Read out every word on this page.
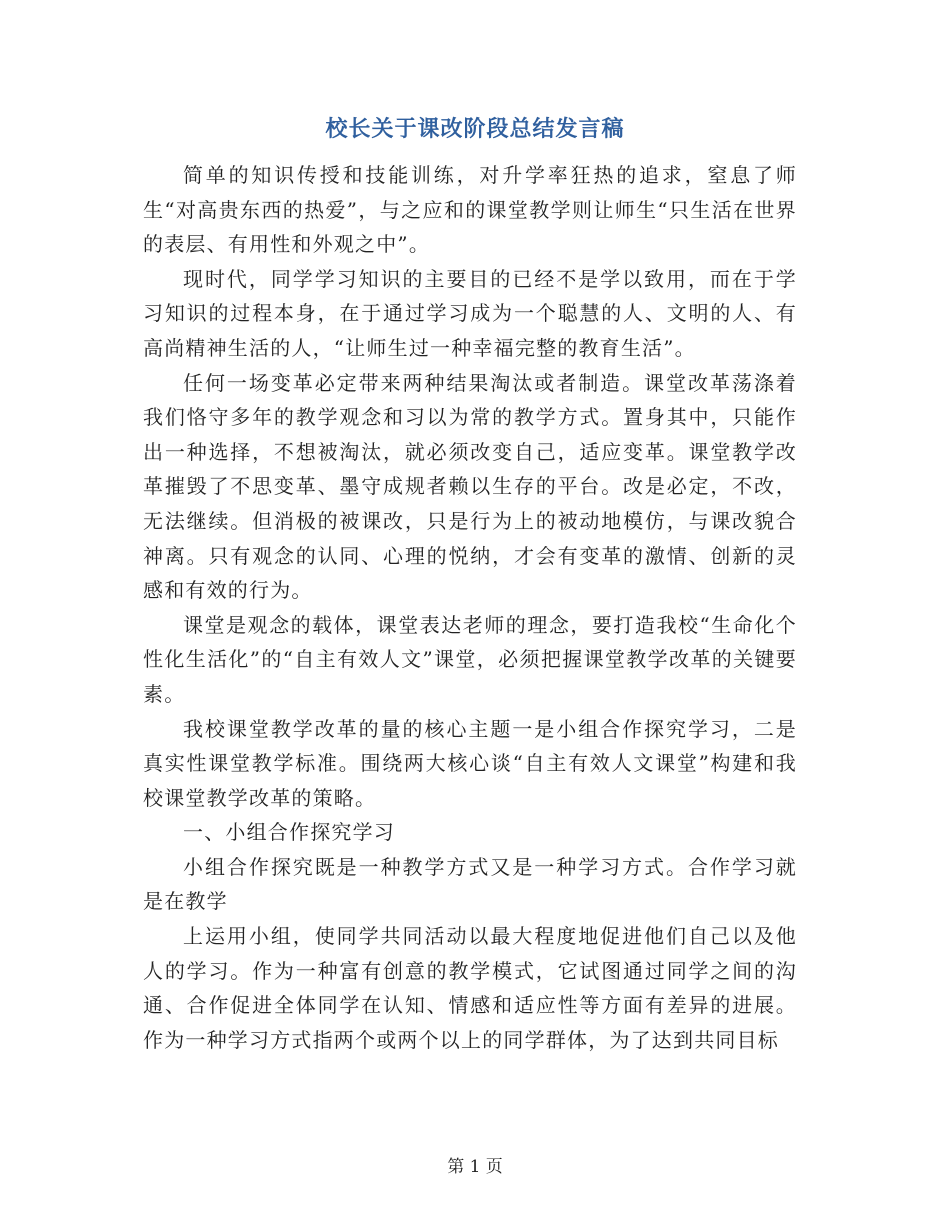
校长关于课改阶段总结发言稿

简单的知识传授和技能训练，对升学率狂热的追求，窒息了师生“对高贵东西的热爱”，与之应和的课堂教学则让师生“只生活在世界的表层、有用性和外观之中”。

现时代，同学学习知识的主要目的已经不是学以致用，而在于学习知识的过程本身，在于通过学习成为一个聪慧的人、文明的人、有高尚精神生活的人，“让师生过一种幸福完整的教育生活”。

任何一场变革必定带来两种结果淘汰或者制造。课堂改革荡涤着我们恪守多年的教学观念和习以为常的教学方式。置身其中，只能作出一种选择，不想被淘汰，就必须改变自己，适应变革。课堂教学改革摧毁了不思变革、墨守成规者赖以生存的平台。改是必定，不改，无法继续。但消极的被课改，只是行为上的被动地模仿，与课改貌合神离。只有观念的认同、心理的悦纳，才会有变革的激情、创新的灵感和有效的行为。

课堂是观念的载体，课堂表达老师的理念，要打造我校“生命化个性化生活化”的“自主有效人文”课堂，必须把握课堂教学改革的关键要素。

我校课堂教学改革的量的核心主题一是小组合作探究学习，二是真实性课堂教学标准。围绕两大核心谈“自主有效人文课堂”构建和我校课堂教学改革的策略。

一、小组合作探究学习

小组合作探究既是一种教学方式又是一种学习方式。合作学习就是在教学

上运用小组，使同学共同活动以最大程度地促进他们自己以及他人的学习。作为一种富有创意的教学模式，它试图通过同学之间的沟通、合作促进全体同学在认知、情感和适应性等方面有差异的进展。作为一种学习方式指两个或两个以上的同学群体，为了达到共同目标

第 1 页
